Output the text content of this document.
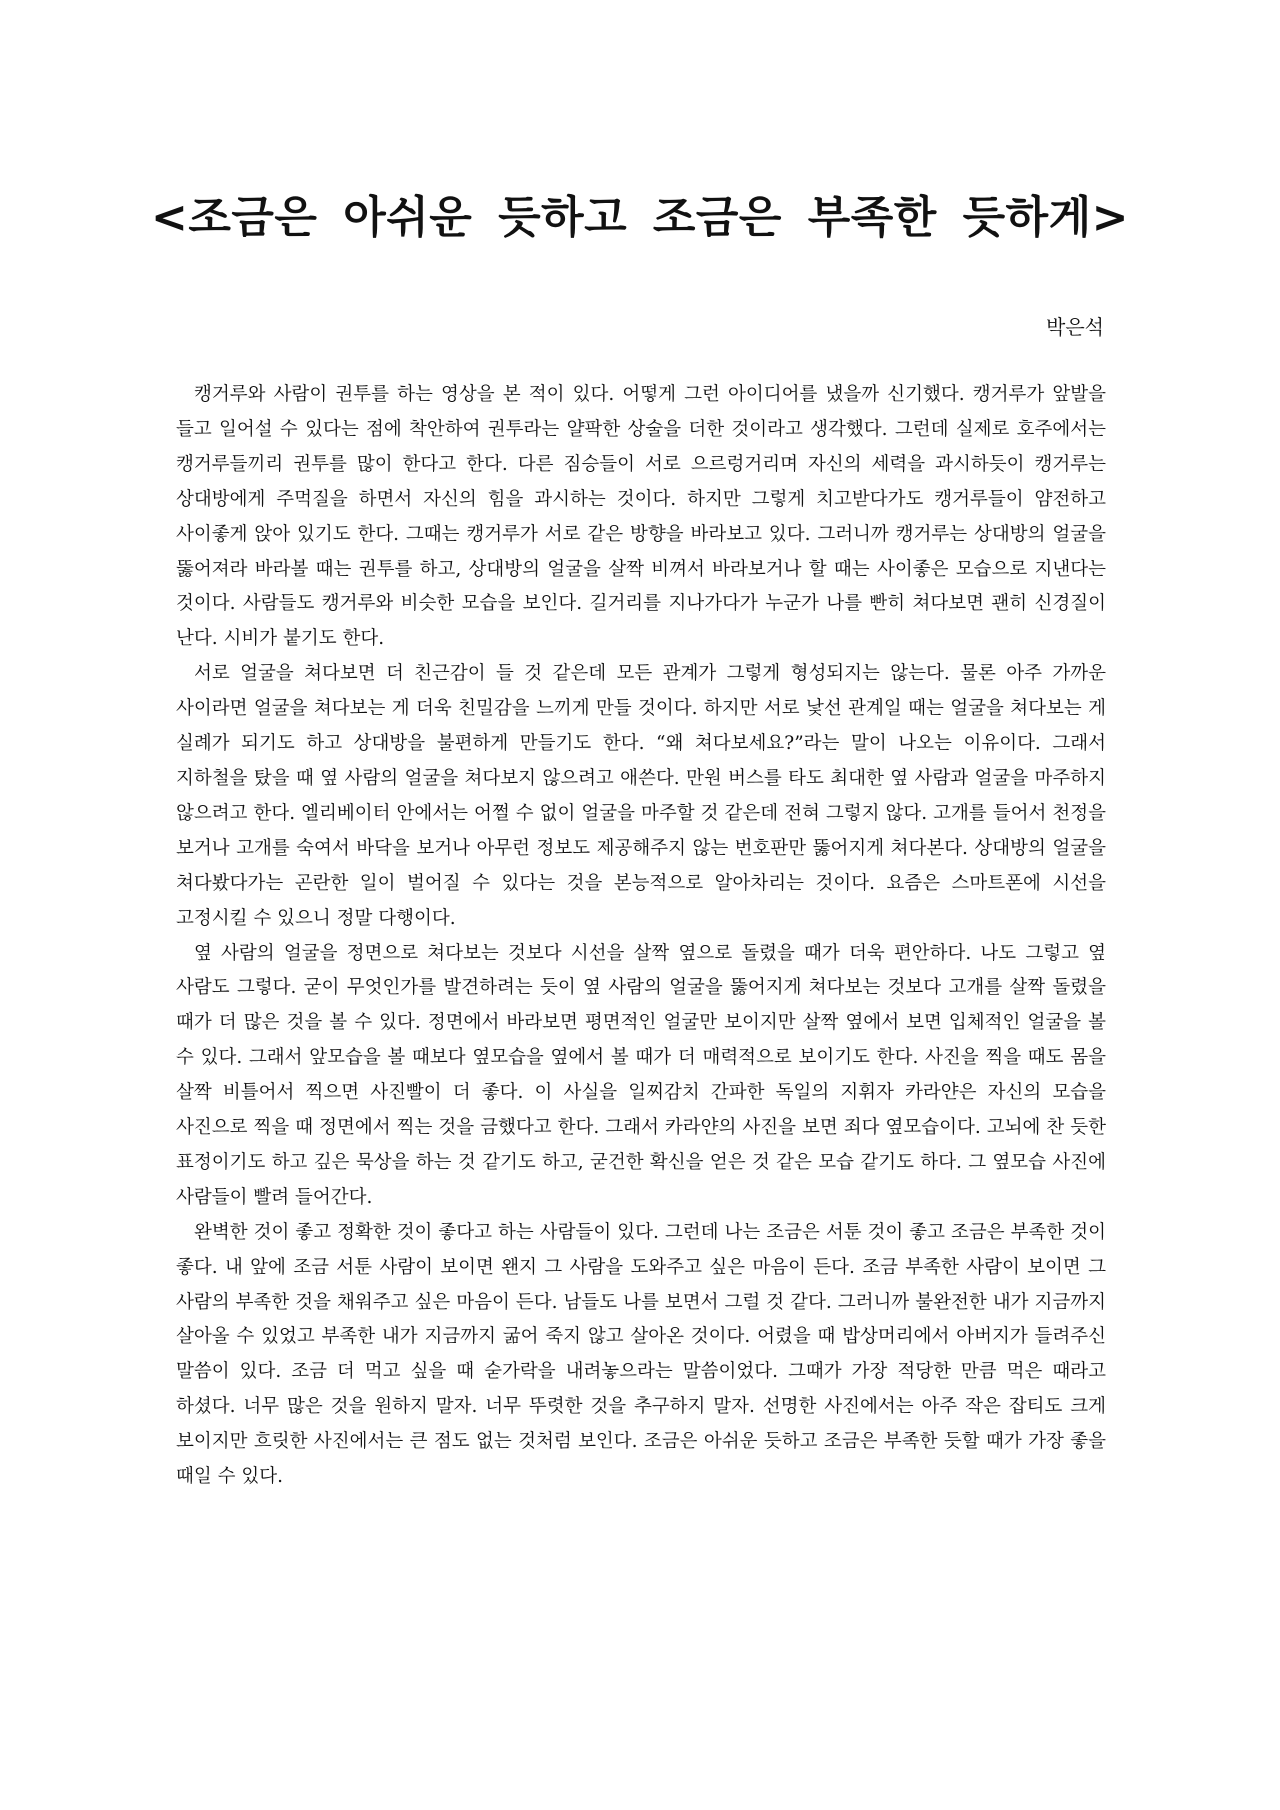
<조금은 아쉬운 듯하고 조금은 부족한 듯하게>
박은석

캥거루와 사람이 권투를 하는 영상을 본 적이 있다. 어떻게 그런 아이디어를 냈을까 신기했다. 캥거루가 앞발을 들고 일어설 수 있다는 점에 착안하여 권투라는 얄팍한 상술을 더한 것이라고 생각했다. 그런데 실제로 호주에서는 캥거루들끼리 권투를 많이 한다고 한다. 다른 짐승들이 서로 으르렁거리며 자신의 세력을 과시하듯이 캥거루는 상대방에게 주먹질을 하면서 자신의 힘을 과시하는 것이다. 하지만 그렇게 치고받다가도 캥거루들이 얌전하고 사이좋게 앉아 있기도 한다. 그때는 캥거루가 서로 같은 방향을 바라보고 있다. 그러니까 캥거루는 상대방의 얼굴을 뚫어져라 바라볼 때는 권투를 하고, 상대방의 얼굴을 살짝 비껴서 바라보거나 할 때는 사이좋은 모습으로 지낸다는 것이다. 사람들도 캥거루와 비슷한 모습을 보인다. 길거리를 지나가다가 누군가 나를 빤히 쳐다보면 괜히 신경질이 난다. 시비가 붙기도 한다.

서로 얼굴을 쳐다보면 더 친근감이 들 것 같은데 모든 관계가 그렇게 형성되지는 않는다. 물론 아주 가까운 사이라면 얼굴을 쳐다보는 게 더욱 친밀감을 느끼게 만들 것이다. 하지만 서로 낯선 관계일 때는 얼굴을 쳐다보는 게 실례가 되기도 하고 상대방을 불편하게 만들기도 한다. “왜 쳐다보세요?”라는 말이 나오는 이유이다. 그래서 지하철을 탔을 때 옆 사람의 얼굴을 쳐다보지 않으려고 애쓴다. 만원 버스를 타도 최대한 옆 사람과 얼굴을 마주하지 않으려고 한다. 엘리베이터 안에서는 어쩔 수 없이 얼굴을 마주할 것 같은데 전혀 그렇지 않다. 고개를 들어서 천정을 보거나 고개를 숙여서 바닥을 보거나 아무런 정보도 제공해주지 않는 번호판만 뚫어지게 쳐다본다. 상대방의 얼굴을 쳐다봤다가는 곤란한 일이 벌어질 수 있다는 것을 본능적으로 알아차리는 것이다. 요즘은 스마트폰에 시선을 고정시킬 수 있으니 정말 다행이다.

옆 사람의 얼굴을 정면으로 쳐다보는 것보다 시선을 살짝 옆으로 돌렸을 때가 더욱 편안하다. 나도 그렇고 옆 사람도 그렇다. 굳이 무엇인가를 발견하려는 듯이 옆 사람의 얼굴을 뚫어지게 쳐다보는 것보다 고개를 살짝 돌렸을 때가 더 많은 것을 볼 수 있다. 정면에서 바라보면 평면적인 얼굴만 보이지만 살짝 옆에서 보면 입체적인 얼굴을 볼 수 있다. 그래서 앞모습을 볼 때보다 옆모습을 옆에서 볼 때가 더 매력적으로 보이기도 한다. 사진을 찍을 때도 몸을 살짝 비틀어서 찍으면 사진빨이 더 좋다. 이 사실을 일찌감치 간파한 독일의 지휘자 카라얀은 자신의 모습을 사진으로 찍을 때 정면에서 찍는 것을 금했다고 한다. 그래서 카라얀의 사진을 보면 죄다 옆모습이다. 고뇌에 찬 듯한 표정이기도 하고 깊은 묵상을 하는 것 같기도 하고, 굳건한 확신을 얻은 것 같은 모습 같기도 하다. 그 옆모습 사진에 사람들이 빨려 들어간다.

완벽한 것이 좋고 정확한 것이 좋다고 하는 사람들이 있다. 그런데 나는 조금은 서툰 것이 좋고 조금은 부족한 것이 좋다. 내 앞에 조금 서툰 사람이 보이면 왠지 그 사람을 도와주고 싶은 마음이 든다. 조금 부족한 사람이 보이면 그 사람의 부족한 것을 채워주고 싶은 마음이 든다. 남들도 나를 보면서 그럴 것 같다. 그러니까 불완전한 내가 지금까지 살아올 수 있었고 부족한 내가 지금까지 굶어 죽지 않고 살아온 것이다. 어렸을 때 밥상머리에서 아버지가 들려주신 말씀이 있다. 조금 더 먹고 싶을 때 숟가락을 내려놓으라는 말씀이었다. 그때가 가장 적당한 만큼 먹은 때라고 하셨다. 너무 많은 것을 원하지 말자. 너무 뚜렷한 것을 추구하지 말자. 선명한 사진에서는 아주 작은 잡티도 크게 보이지만 흐릿한 사진에서는 큰 점도 없는 것처럼 보인다. 조금은 아쉬운 듯하고 조금은 부족한 듯할 때가 가장 좋을 때일 수 있다.
